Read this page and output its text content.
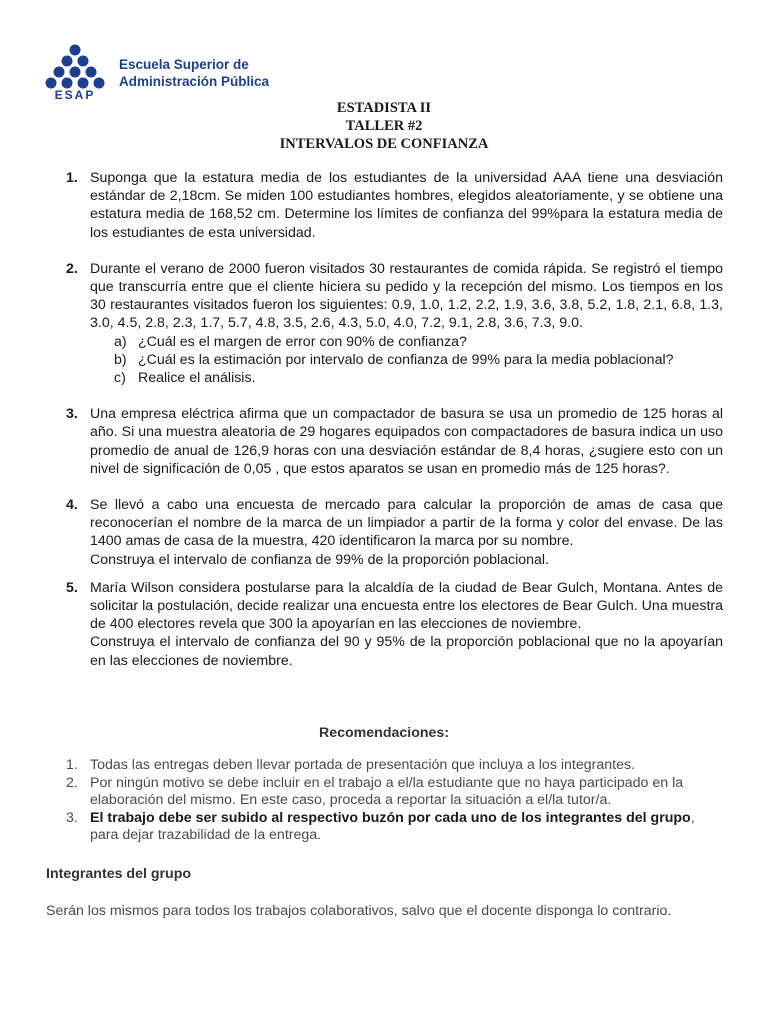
ESAP
Escuela Superior de
Administración Pública
ESTADISTA II
TALLER #2
INTERVALOS DE CONFIANZA
1. Suponga que la estatura media de los estudiantes de la universidad AAA tiene una desviación estándar de 2,18cm. Se miden 100 estudiantes hombres, elegidos aleatoriamente, y se obtiene una estatura media de 168,52 cm. Determine los límites de confianza del 99%para la estatura media de los estudiantes de esta universidad.
2. Durante el verano de 2000 fueron visitados 30 restaurantes de comida rápida. Se registró el tiempo que transcurría entre que el cliente hiciera su pedido y la recepción del mismo. Los tiempos en los 30 restaurantes visitados fueron los siguientes: 0.9, 1.0, 1.2, 2.2, 1.9, 3.6, 3.8, 5.2, 1.8, 2.1, 6.8, 1.3, 3.0, 4.5, 2.8, 2.3, 1.7, 5.7, 4.8, 3.5, 2.6, 4.3, 5.0, 4.0, 7.2, 9.1, 2.8, 3.6, 7.3, 9.0.
a) ¿Cuál es el margen de error con 90% de confianza?
b) ¿Cuál es la estimación por intervalo de confianza de 99% para la media poblacional?
c) Realice el análisis.
3. Una empresa eléctrica afirma que un compactador de basura se usa un promedio de 125 horas al año. Si una muestra aleatoria de 29 hogares equipados con compactadores de basura indica un uso promedio de anual de 126,9 horas con una desviación estándar de 8,4 horas, ¿sugiere esto con un nivel de significación de 0,05 , que estos aparatos se usan en promedio más de 125 horas?.
4. Se llevó a cabo una encuesta de mercado para calcular la proporción de amas de casa que reconocerían el nombre de la marca de un limpiador a partir de la forma y color del envase. De las 1400 amas de casa de la muestra, 420 identificaron la marca por su nombre.
Construya el intervalo de confianza de 99% de la proporción poblacional.
5. María Wilson considera postularse para la alcaldía de la ciudad de Bear Gulch, Montana. Antes de solicitar la postulación, decide realizar una encuesta entre los electores de Bear Gulch. Una muestra de 400 electores revela que 300 la apoyarían en las elecciones de noviembre.
Construya el intervalo de confianza del 90 y 95% de la proporción poblacional que no la apoyarían en las elecciones de noviembre.
Recomendaciones:
1. Todas las entregas deben llevar portada de presentación que incluya a los integrantes.
2. Por ningún motivo se debe incluir en el trabajo a el/la estudiante que no haya participado en la elaboración del mismo. En este caso, proceda a reportar la situación a el/la tutor/a.
3. El trabajo debe ser subido al respectivo buzón por cada uno de los integrantes del grupo, para dejar trazabilidad de la entrega.
Integrantes del grupo
Serán los mismos para todos los trabajos colaborativos, salvo que el docente disponga lo contrario.
